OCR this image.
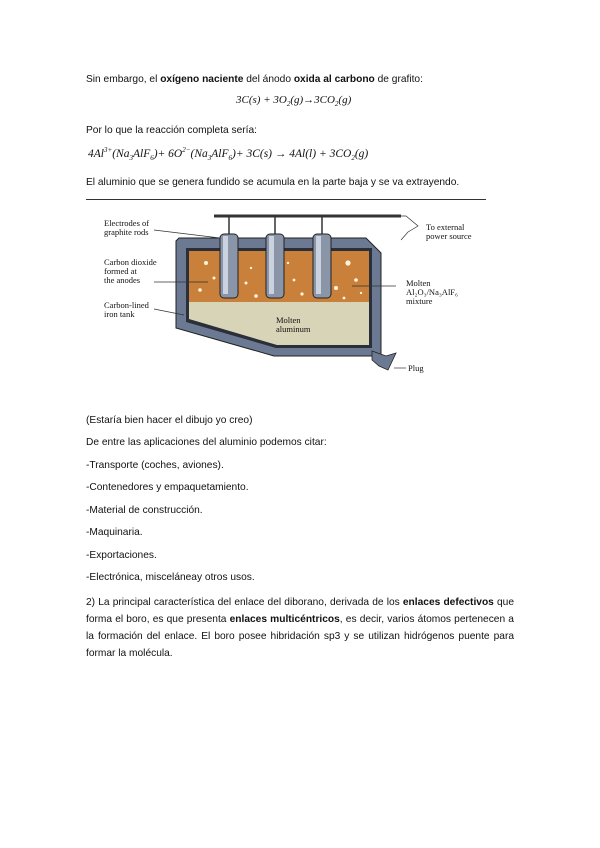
Sin embargo, el oxígeno naciente del ánodo oxida al carbono de grafito:

$3C(s) + 3O_2(g)\to 3CO_2(g)$

Por lo que la reacción completa sería:

$4Al^{3+}(Na_3AlF_6)+ 6O^{2-}(Na_3AlF_6)+ 3C(s) \to 4Al(l) + 3CO_2(g)$

El aluminio que se genera fundido se acumula en la parte baja y se va extrayendo.

Electrodes of
graphite rods
Carbon dioxide
formed at
the anodes
Carbon-lined
iron tank
To external
power source
Molten
Al₂O₃/Na₃AlF₆
mixture
Molten
aluminum
Plug

(Estaría bien hacer el dibujo yo creo)

De entre las aplicaciones del aluminio podemos citar:

-Transporte (coches, aviones).

-Contenedores y empaquetamiento.

-Material de construcción.

-Maquinaria.

-Exportaciones.

-Electrónica, misceláneay otros usos.

2) La principal característica del enlace del diborano, derivada de los enlaces defectivos que forma el boro, es que presenta enlaces multicéntricos, es decir, varios átomos pertenecen a la formación del enlace. El boro posee hibridación sp3 y se utilizan hidrógenos puente para formar la molécula.
